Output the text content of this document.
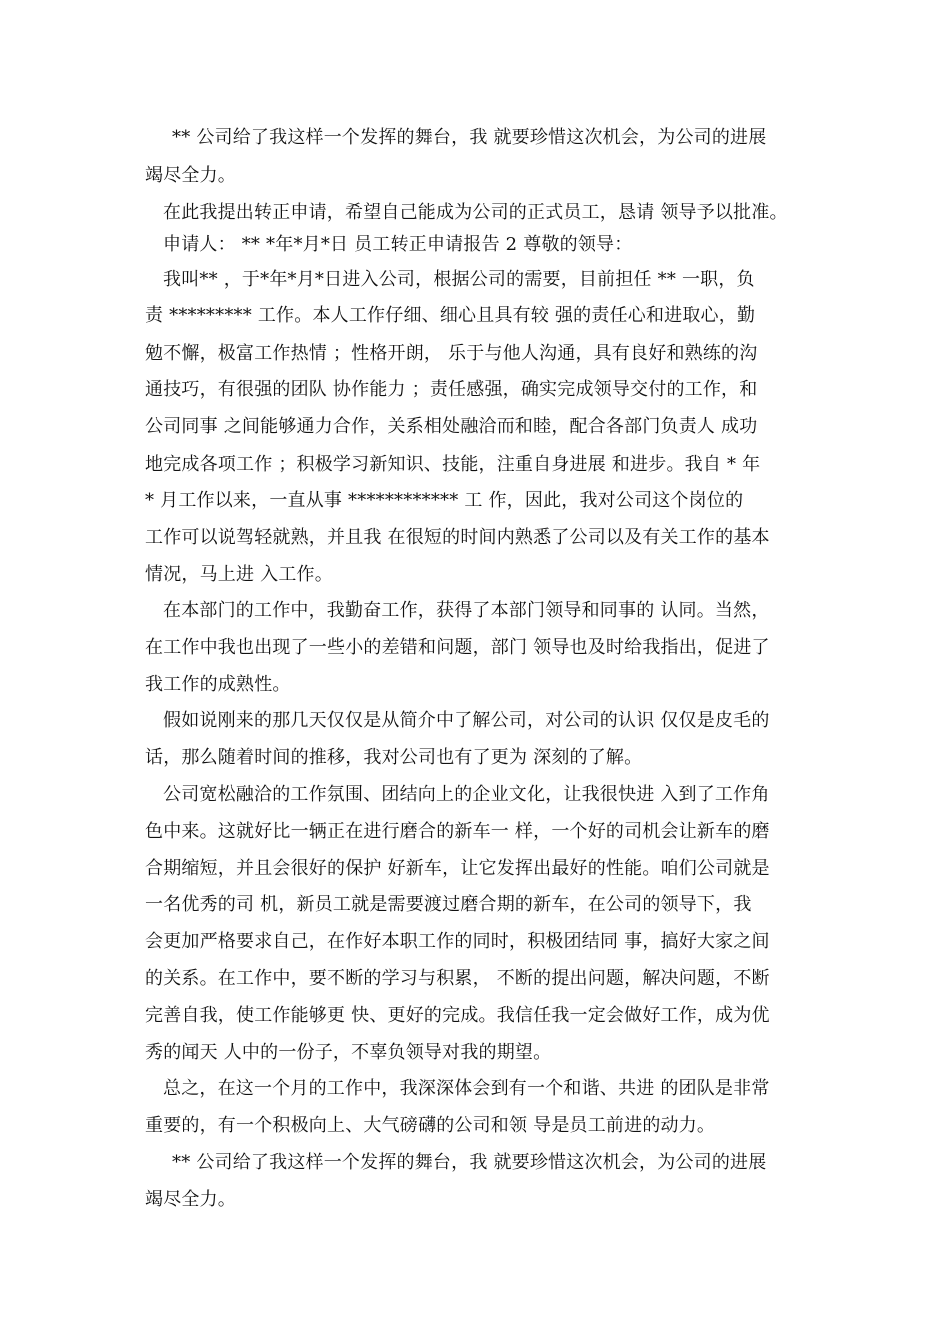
** 公司给了我这样一个发挥的舞台，我 就要珍惜这次机会，为公司的进展
竭尽全力。
在此我提出转正申请，希望自己能成为公司的正式员工，恳请 领导予以批准。
申请人： ** *年*月*日 员工转正申请报告 2 尊敬的领导：
我叫** ，于*年*月*日进入公司，根据公司的需要，目前担任 ** 一职，负
责 ********* 工作。本人工作仔细、细心且具有较 强的责任心和进取心，勤
勉不懈，极富工作热情 ；性格开朗， 乐于与他人沟通，具有良好和熟练的沟
通技巧，有很强的团队 协作能力 ；责任感强，确实完成领导交付的工作，和
公司同事 之间能够通力合作，关系相处融洽而和睦，配合各部门负责人 成功
地完成各项工作 ；积极学习新知识、技能，注重自身进展 和进步。我自 * 年
* 月工作以来，一直从事 ************ 工 作，因此，我对公司这个岗位的
工作可以说驾轻就熟，并且我 在很短的时间内熟悉了公司以及有关工作的基本
情况，马上进 入工作。
在本部门的工作中，我勤奋工作，获得了本部门领导和同事的 认同。当然，
在工作中我也出现了一些小的差错和问题，部门 领导也及时给我指出，促进了
我工作的成熟性。
假如说刚来的那几天仅仅是从简介中了解公司，对公司的认识 仅仅是皮毛的
话，那么随着时间的推移，我对公司也有了更为 深刻的了解。
公司宽松融洽的工作氛围、团结向上的企业文化，让我很快进 入到了工作角
色中来。这就好比一辆正在进行磨合的新车一 样，一个好的司机会让新车的磨
合期缩短，并且会很好的保护 好新车，让它发挥出最好的性能。咱们公司就是
一名优秀的司 机，新员工就是需要渡过磨合期的新车，在公司的领导下，我
会更加严格要求自己，在作好本职工作的同时，积极团结同 事，搞好大家之间
的关系。在工作中，要不断的学习与积累， 不断的提出问题，解决问题，不断
完善自我，使工作能够更 快、更好的完成。我信任我一定会做好工作，成为优
秀的闻天 人中的一份子，不辜负领导对我的期望。
总之，在这一个月的工作中，我深深体会到有一个和谐、共进 的团队是非常
重要的，有一个积极向上、大气磅礴的公司和领 导是员工前进的动力。
** 公司给了我这样一个发挥的舞台，我 就要珍惜这次机会，为公司的进展
竭尽全力。
